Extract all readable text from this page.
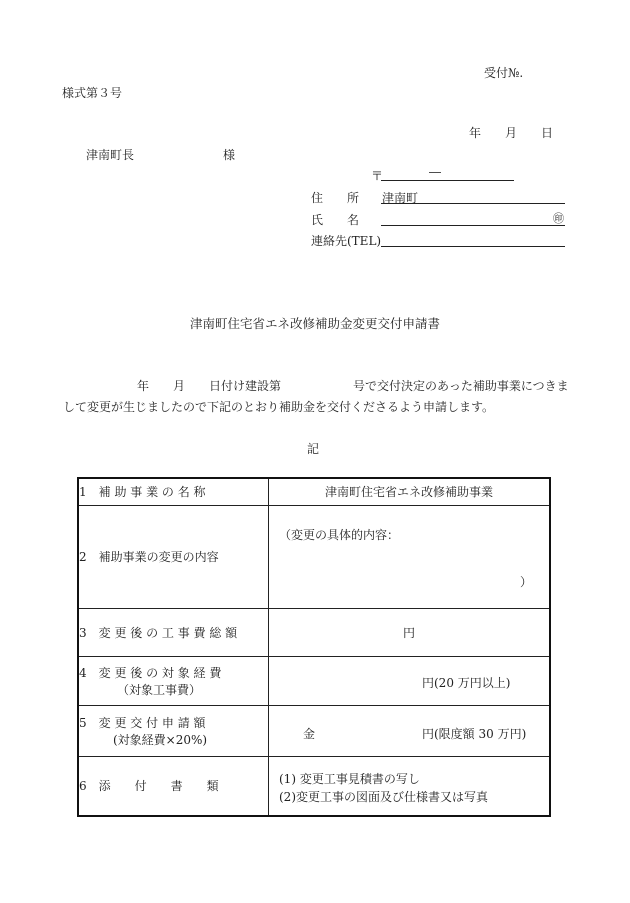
受付№.
様式第３号
年　　月　　日
津南町長	様
〒	―
住　　所 津南町
氏　　名	㊞
連絡先(TEL)
津南町住宅省エネ改修補助金変更交付申請書
年　　月　　日付け建設第　　　　　　号で交付決定のあった補助事業につきま
して変更が生じましたので下記のとおり補助金を交付くださるよう申請します。
記
1　補 助 事 業 の 名 称	津南町住宅省エネ改修補助事業
2　補助事業の変更の内容	（変更の具体的内容：
）

3　変 更 後 の 工 事 費 総 額	円
4　変 更 後 の 対 象 経 費
（対象工事費）	円(20 万円以上)

5　変 更 交 付 申 請 額
(対象経費×20%)	金 円(限度額 30 万円)

6　添　　付　　書　　類	(1) 変更工事見積書の写し
(2)変更工事の図面及び仕様書又は写真
